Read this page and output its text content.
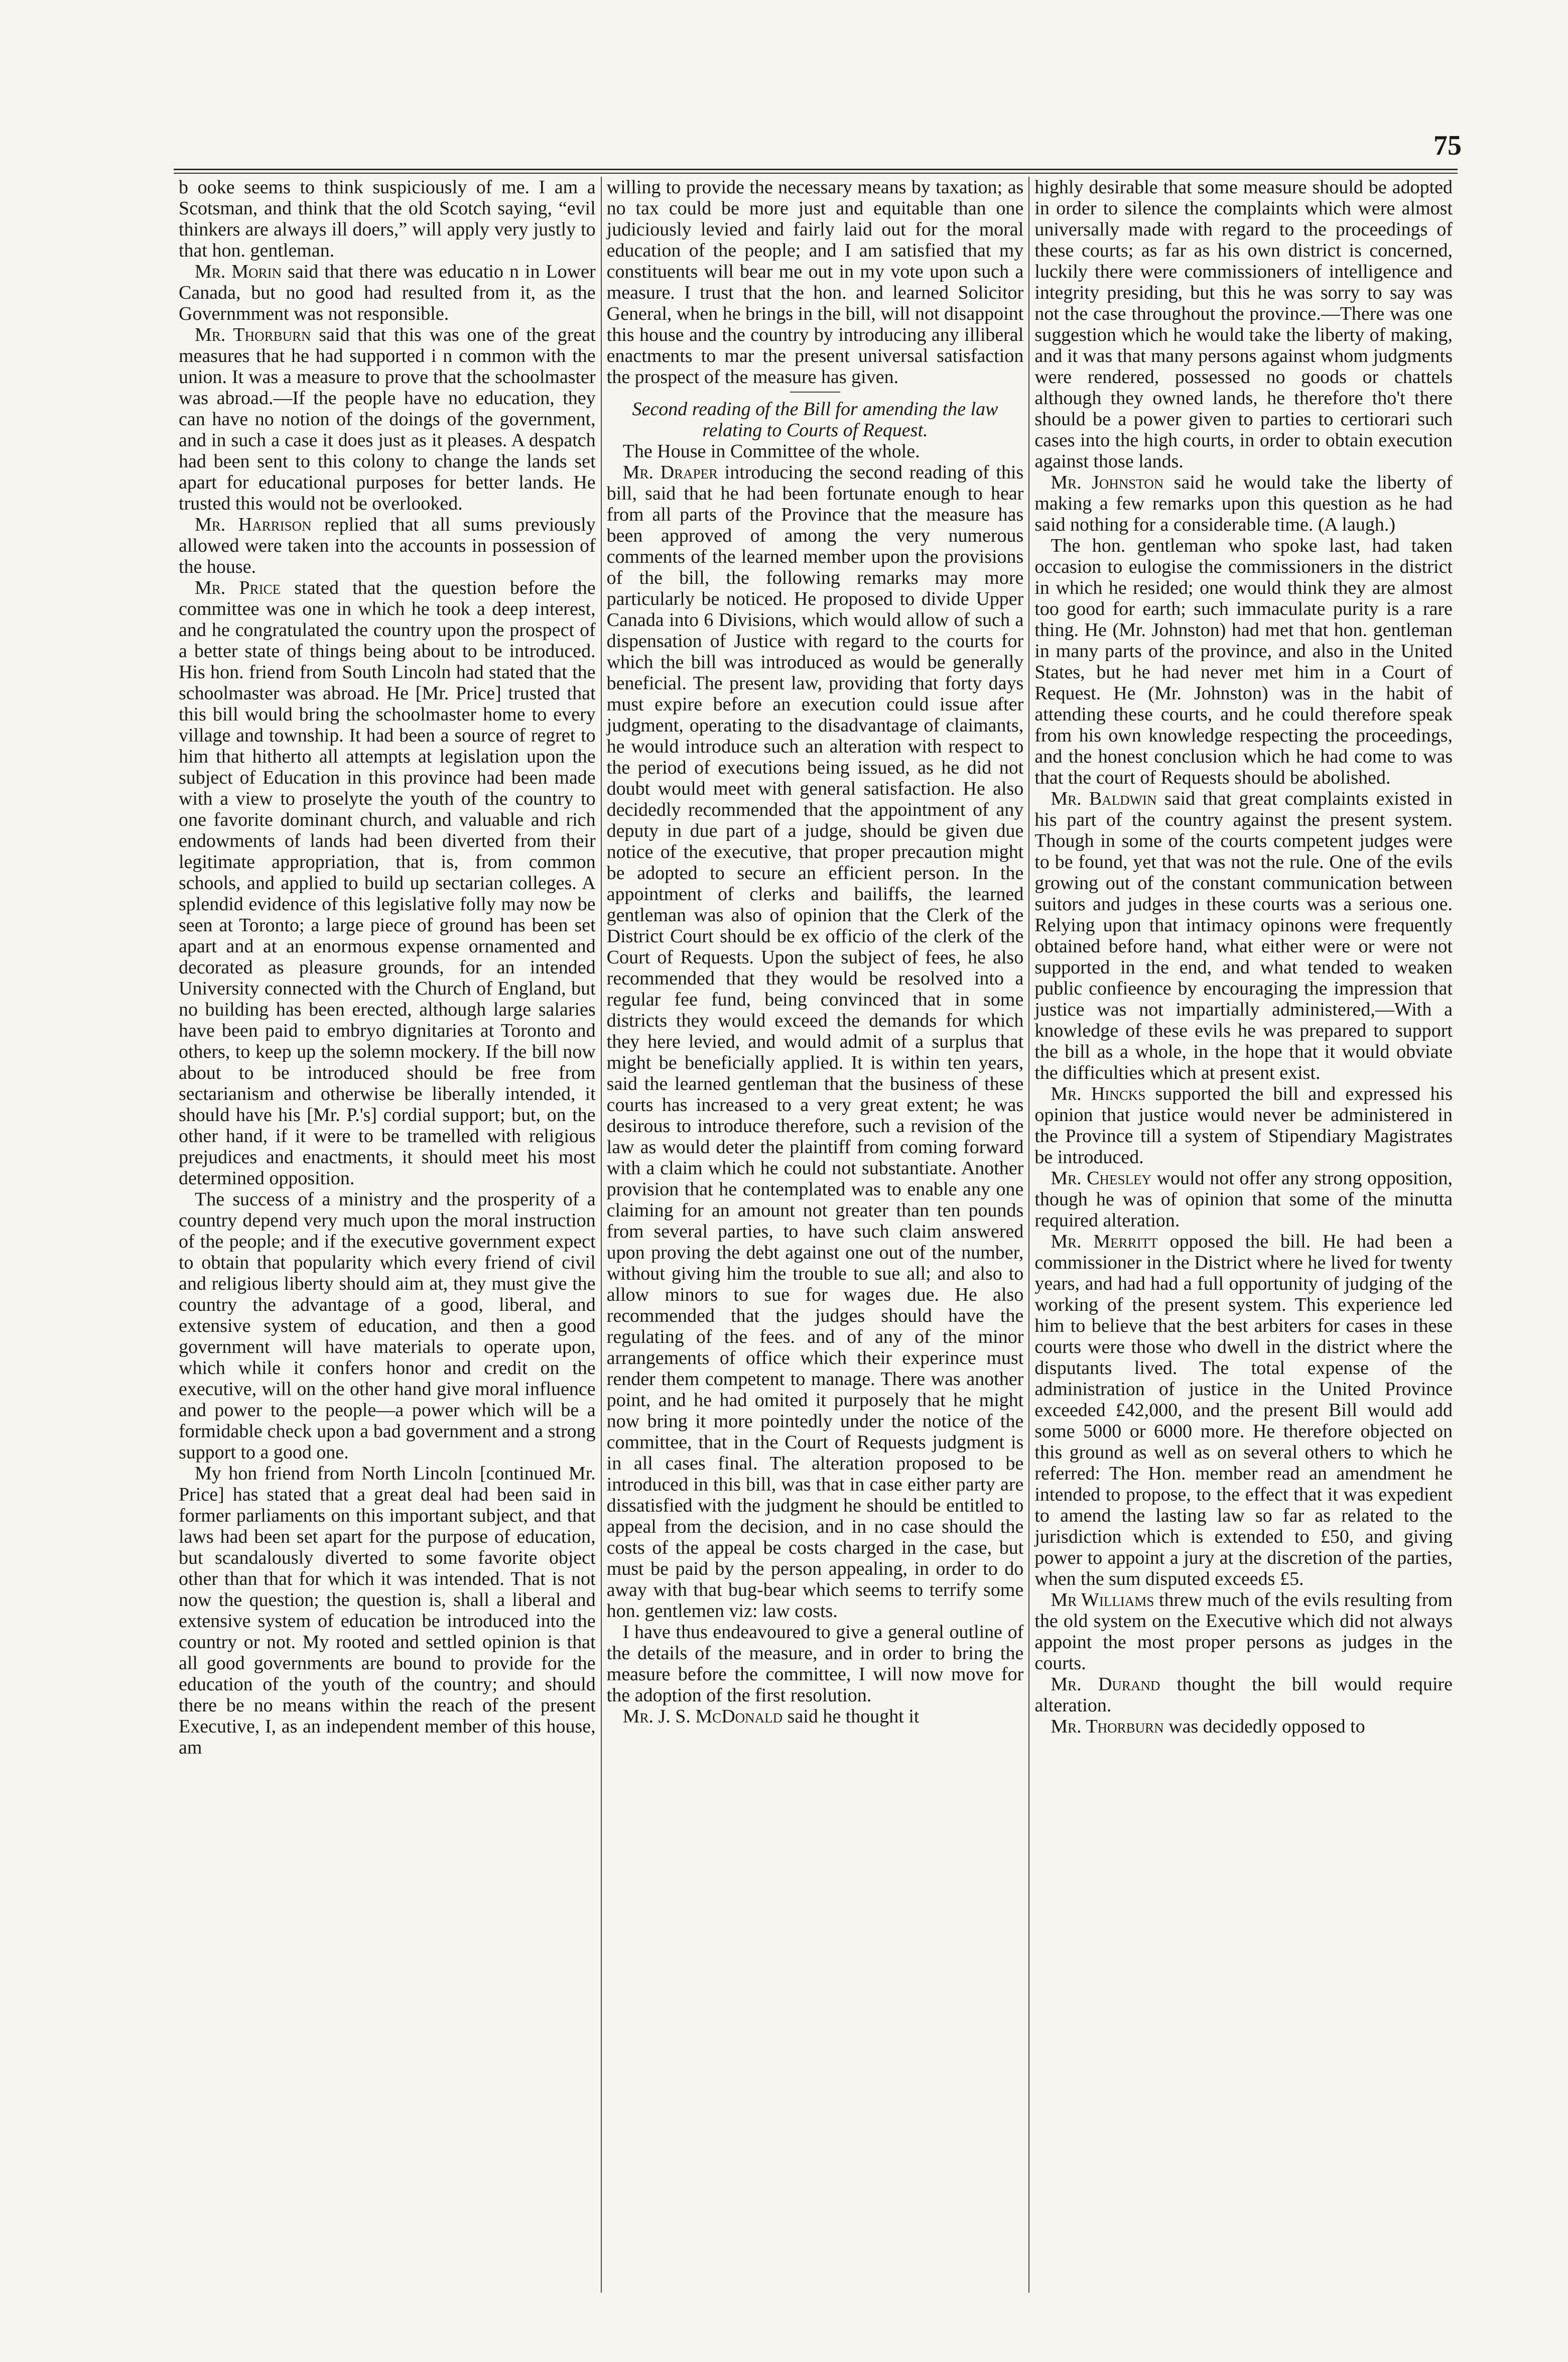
75

b ooke seems to think suspiciously of me. I am a Scotsman, and think that the old Scotch saying, “evil thinkers are always ill doers,” will apply very justly to that hon. gentleman.

Mr. Morin said that there was educatio n in Lower Canada, but no good had resulted from it, as the Governmment was not responsible.

Mr. Thorburn said that this was one of the great measures that he had supported i n common with the union. It was a measure to prove that the schoolmaster was abroad.—If the people have no education, they can have no notion of the doings of the government, and in such a case it does just as it pleases. A despatch had been sent to this colony to change the lands set apart for educational purposes for better lands. He trusted this would not be overlooked.

Mr. Harrison replied that all sums previously allowed were taken into the accounts in possession of the house.

Mr. Price stated that the question before the committee was one in which he took a deep interest, and he congratulated the country upon the prospect of a better state of things being about to be introduced. His hon. friend from South Lincoln had stated that the schoolmaster was abroad. He [Mr. Price] trusted that this bill would bring the schoolmaster home to every village and township. It had been a source of regret to him that hitherto all attempts at legislation upon the subject of Education in this province had been made with a view to proselyte the youth of the country to one favorite dominant church, and valuable and rich endowments of lands had been diverted from their legitimate appropriation, that is, from common schools, and applied to build up sectarian colleges. A splendid evidence of this legislative folly may now be seen at Toronto; a large piece of ground has been set apart and at an enormous expense ornamented and decorated as pleasure grounds, for an intended University connected with the Church of England, but no building has been erected, although large salaries have been paid to embryo dignitaries at Toronto and others, to keep up the solemn mockery. If the bill now about to be introduced should be free from sectarianism and otherwise be liberally intended, it should have his [Mr. P.'s] cordial support; but, on the other hand, if it were to be tramelled with religious prejudices and enactments, it should meet his most determined opposition.

The success of a ministry and the prosperity of a country depend very much upon the moral instruction of the people; and if the executive government expect to obtain that popularity which every friend of civil and religious liberty should aim at, they must give the country the advantage of a good, liberal, and extensive system of education, and then a good government will have materials to operate upon, which while it confers honor and credit on the executive, will on the other hand give moral influence and power to the people—a power which will be a formidable check upon a bad government and a strong support to a good one.

My hon friend from North Lincoln [continued Mr. Price] has stated that a great deal had been said in former parliaments on this important subject, and that laws had been set apart for the purpose of education, but scandalously diverted to some favorite object other than that for which it was intended. That is not now the question; the question is, shall a liberal and extensive system of education be introduced into the country or not. My rooted and settled opinion is that all good governments are bound to provide for the education of the youth of the country; and should there be no means within the reach of the present Executive, I, as an independent member of this house, am

willing to provide the necessary means by taxation; as no tax could be more just and equitable than one judiciously levied and fairly laid out for the moral education of the people; and I am satisfied that my constituents will bear me out in my vote upon such a measure. I trust that the hon. and learned Solicitor General, when he brings in the bill, will not disappoint this house and the country by introducing any illiberal enactments to mar the present universal satisfaction the prospect of the measure has given.

Second reading of the Bill for amending the law relating to Courts of Request.

The House in Committee of the whole.

Mr. Draper introducing the second reading of this bill, said that he had been fortunate enough to hear from all parts of the Province that the measure has been approved of among the very numerous comments of the learned member upon the provisions of the bill, the following remarks may more particularly be noticed. He proposed to divide Upper Canada into 6 Divisions, which would allow of such a dispensation of Justice with regard to the courts for which the bill was introduced as would be generally beneficial. The present law, providing that forty days must expire before an execution could issue after judgment, operating to the disadvantage of claimants, he would introduce such an alteration with respect to the period of executions being issued, as he did not doubt would meet with general satisfaction. He also decidedly recommended that the appointment of any deputy in due part of a judge, should be given due notice of the executive, that proper precaution might be adopted to secure an efficient person. In the appointment of clerks and bailiffs, the learned gentleman was also of opinion that the Clerk of the District Court should be ex officio of the clerk of the Court of Requests. Upon the subject of fees, he also recommended that they would be resolved into a regular fee fund, being convinced that in some districts they would exceed the demands for which they here levied, and would admit of a surplus that might be beneficially applied. It is within ten years, said the learned gentleman that the business of these courts has increased to a very great extent; he was desirous to introduce therefore, such a revision of the law as would deter the plaintiff from coming forward with a claim which he could not substantiate. Another provision that he contemplated was to enable any one claiming for an amount not greater than ten pounds from several parties, to have such claim answered upon proving the debt against one out of the number, without giving him the trouble to sue all; and also to allow minors to sue for wages due. He also recommended that the judges should have the regulating of the fees. and of any of the minor arrangements of office which their experince must render them competent to manage. There was another point, and he had omited it purposely that he might now bring it more pointedly under the notice of the committee, that in the Court of Requests judgment is in all cases final. The alteration proposed to be introduced in this bill, was that in case either party are dissatisfied with the judgment he should be entitled to appeal from the decision, and in no case should the costs of the appeal be costs charged in the case, but must be paid by the person appealing, in order to do away with that bug-bear which seems to terrify some hon. gentlemen viz: law costs.

I have thus endeavoured to give a general outline of the details of the measure, and in order to bring the measure before the committee, I will now move for the adoption of the first resolution.

Mr. J. S. McDonald said he thought it

highly desirable that some measure should be adopted in order to silence the complaints which were almost universally made with regard to the proceedings of these courts; as far as his own district is concerned, luckily there were commissioners of intelligence and integrity presiding, but this he was sorry to say was not the case throughout the province.—There was one suggestion which he would take the liberty of making, and it was that many persons against whom judgments were rendered, possessed no goods or chattels although they owned lands, he therefore tho't there should be a power given to parties to certiorari such cases into the high courts, in order to obtain execution against those lands.

Mr. Johnston said he would take the liberty of making a few remarks upon this question as he had said nothing for a considerable time. (A laugh.)

The hon. gentleman who spoke last, had taken occasion to eulogise the commissioners in the district in which he resided; one would think they are almost too good for earth; such immaculate purity is a rare thing. He (Mr. Johnston) had met that hon. gentleman in many parts of the province, and also in the United States, but he had never met him in a Court of Request. He (Mr. Johnston) was in the habit of attending these courts, and he could therefore speak from his own knowledge respecting the proceedings, and the honest conclusion which he had come to was that the court of Requests should be abolished.

Mr. Baldwin said that great complaints existed in his part of the country against the present system. Though in some of the courts competent judges were to be found, yet that was not the rule. One of the evils growing out of the constant communication between suitors and judges in these courts was a serious one. Relying upon that intimacy opinons were frequently obtained before hand, what either were or were not supported in the end, and what tended to weaken public confieence by encouraging the impression that justice was not impartially administered,—With a knowledge of these evils he was prepared to support the bill as a whole, in the hope that it would obviate the difficulties which at present exist.

Mr. Hincks supported the bill and expressed his opinion that justice would never be administered in the Province till a system of Stipendiary Magistrates be introduced.

Mr. Chesley would not offer any strong opposition, though he was of opinion that some of the minutta required alteration.

Mr. Merritt opposed the bill. He had been a commissioner in the District where he lived for twenty years, and had had a full opportunity of judging of the working of the present system. This experience led him to believe that the best arbiters for cases in these courts were those who dwell in the district where the disputants lived. The total expense of the administration of justice in the United Province exceeded £42,000, and the present Bill would add some 5000 or 6000 more. He therefore objected on this ground as well as on several others to which he referred: The Hon. member read an amendment he intended to propose, to the effect that it was expedient to amend the lasting law so far as related to the jurisdiction which is extended to £50, and giving power to appoint a jury at the discretion of the parties, when the sum disputed exceeds £5.

Mr Williams threw much of the evils resulting from the old system on the Executive which did not always appoint the most proper persons as judges in the courts.

Mr. Durand thought the bill would require alteration.

Mr. Thorburn was decidedly opposed to
